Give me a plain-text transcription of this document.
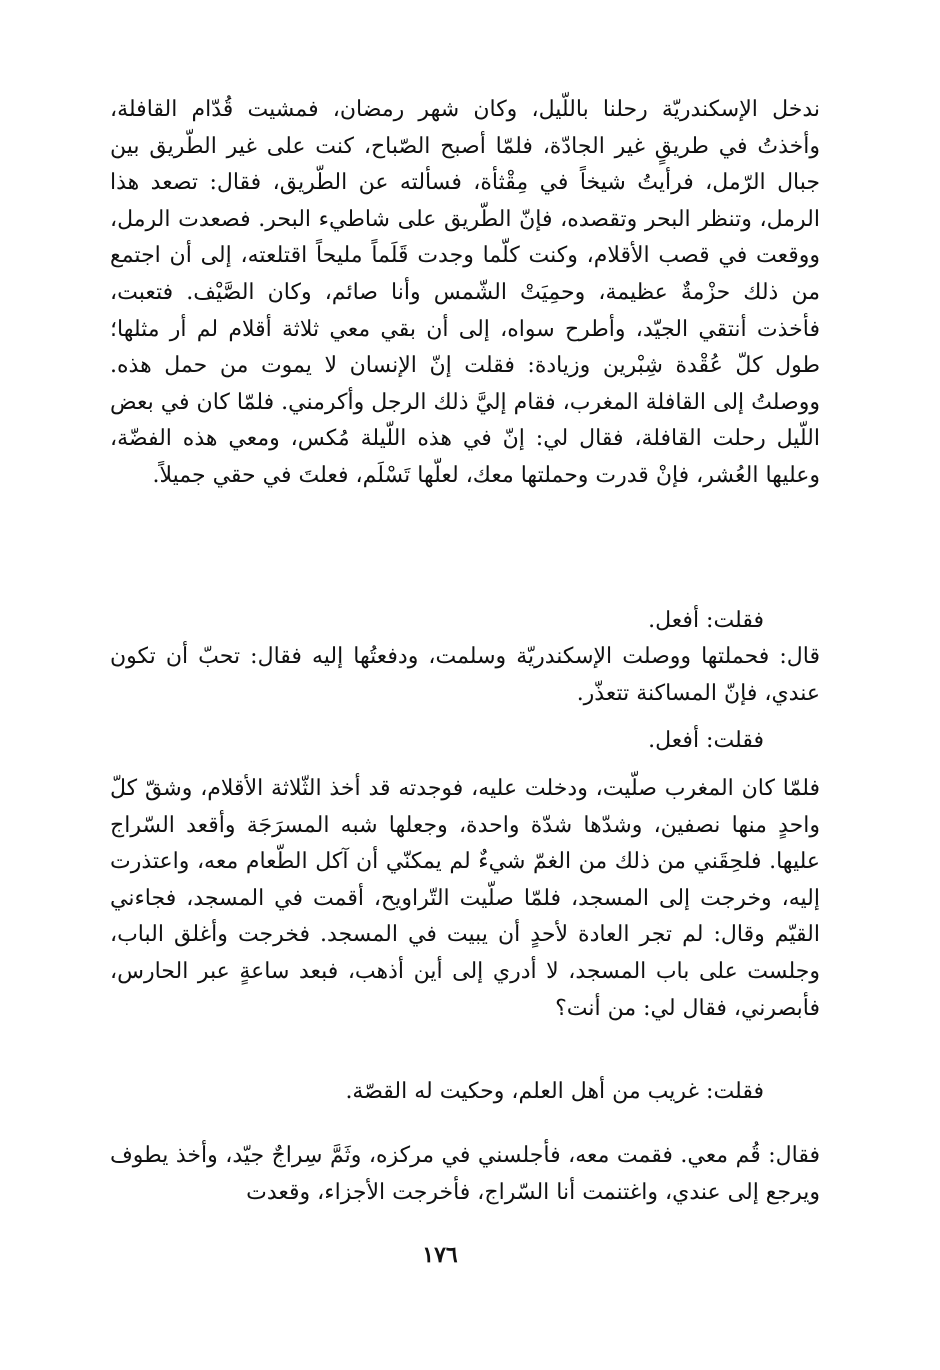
ندخل الإسكندريّة رحلنا باللّيل، وكان شهر رمضان، فمشيت قُدّام القافلة، وأخذتُ في طريقٍ غير الجادّة، فلمّا أصبح الصّباح، كنت على غير الطّريق بين جبال الرّمل، فرأيتُ شيخاً في مِقْثأة، فسألته عن الطّريق، فقال: تصعد هذا الرمل، وتنظر البحر وتقصده، فإنّ الطّريق على شاطيء البحر. فصعدت الرمل، ووقعت في قصب الأقلام، وكنت كلّما وجدت قَلَماً مليحاً اقتلعته، إلى أن اجتمع من ذلك حزْمةٌ عظيمة، وحمِيَتْ الشّمس وأنا صائم، وكان الصَّيْف. فتعبت، فأخذت أنتقي الجيّد، وأطرح سواه، إلى أن بقي معي ثلاثة أقلام لم أر مثلها؛ طول كلّ عُقْدة شِبْرين وزيادة: فقلت إنّ الإنسان لا يموت من حمل هذه. ووصلتُ إلى القافلة المغرب، فقام إليَّ ذلك الرجل وأكرمني. فلمّا كان في بعض اللّيل رحلت القافلة، فقال لي: إنّ في هذه اللّيلة مُكس، ومعي هذه الفضّة، وعليها العُشر، فإنْ قدرت وحملتها معك، لعلّها تَسْلَم، فعلتَ في حقي جميلاً.

فقلت: أفعل.

قال: فحملتها ووصلت الإسكندريّة وسلمت، ودفعتُها إليه فقال: تحبّ أن تكون عندي، فإنّ المساكنة تتعذّر.

فقلت: أفعل.

فلمّا كان المغرب صلّيت، ودخلت عليه، فوجدته قد أخذ الثّلاثة الأقلام، وشقّ كلّ واحدٍ منها نصفين، وشدّها شدّة واحدة، وجعلها شبه المسرَجَة وأقعد السّراج عليها. فلحِقَني من ذلك من الغمّ شيءٌ لم يمكنّي أن آكل الطّعام معه، واعتذرت إليه، وخرجت إلى المسجد، فلمّا صلّيت التّراويح، أقمت في المسجد، فجاءني القيّم وقال: لم تجر العادة لأحدٍ أن يبيت في المسجد. فخرجت وأغلق الباب، وجلست على باب المسجد، لا أدري إلى أين أذهب، فبعد ساعةٍ عبر الحارس، فأبصرني، فقال لي: من أنت؟

فقلت: غريب من أهل العلم، وحكيت له القصّة.

فقال: قُم معي. فقمت معه، فأجلسني في مركزه، وثَمَّ سِراجٌ جيّد، وأخذ يطوف ويرجع إلى عندي، واغتنمت أنا السّراج، فأخرجت الأجزاء، وقعدت

١٧٦
